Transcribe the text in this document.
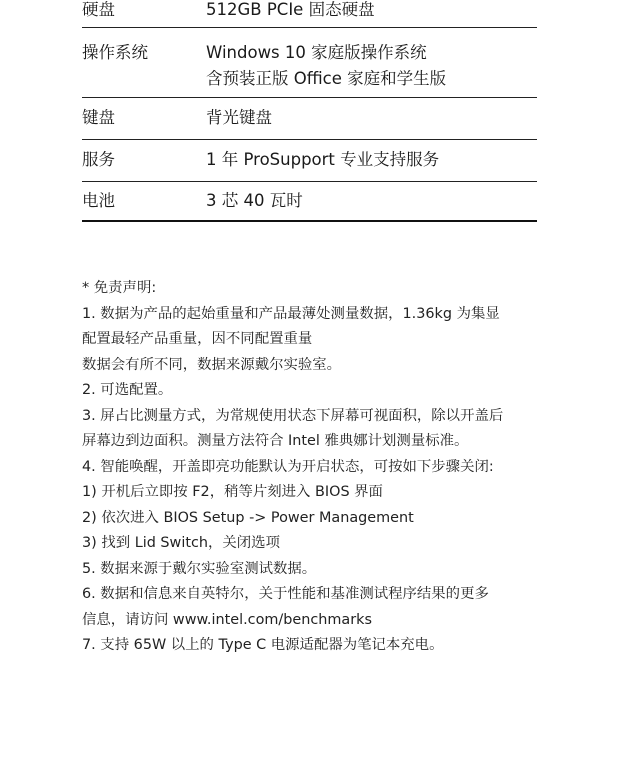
硬盘	512GB PCIe 固态硬盘
操作系统	Windows 10 家庭版操作系统
含预装正版 Office 家庭和学生版
键盘	背光键盘
服务	1 年 ProSupport 专业支持服务
电池	3 芯 40 瓦时
* 免责声明:
1. 数据为产品的起始重量和产品最薄处测量数据，1.36kg 为集显
配置最轻产品重量，因不同配置重量
数据会有所不同，数据来源戴尔实验室。
2. 可选配置。
3. 屏占比测量方式，为常规使用状态下屏幕可视面积，除以开盖后
屏幕边到边面积。测量方法符合 Intel 雅典娜计划测量标准。
4. 智能唤醒，开盖即亮功能默认为开启状态，可按如下步骤关闭:
1) 开机后立即按 F2，稍等片刻进入 BIOS 界面
2) 依次进入 BIOS Setup -> Power Management
3) 找到 Lid Switch，关闭选项
5. 数据来源于戴尔实验室测试数据。
6. 数据和信息来自英特尔，关于性能和基准测试程序结果的更多
信息，请访问 www.intel.com/benchmarks
7. 支持 65W 以上的 Type C 电源适配器为笔记本充电。
